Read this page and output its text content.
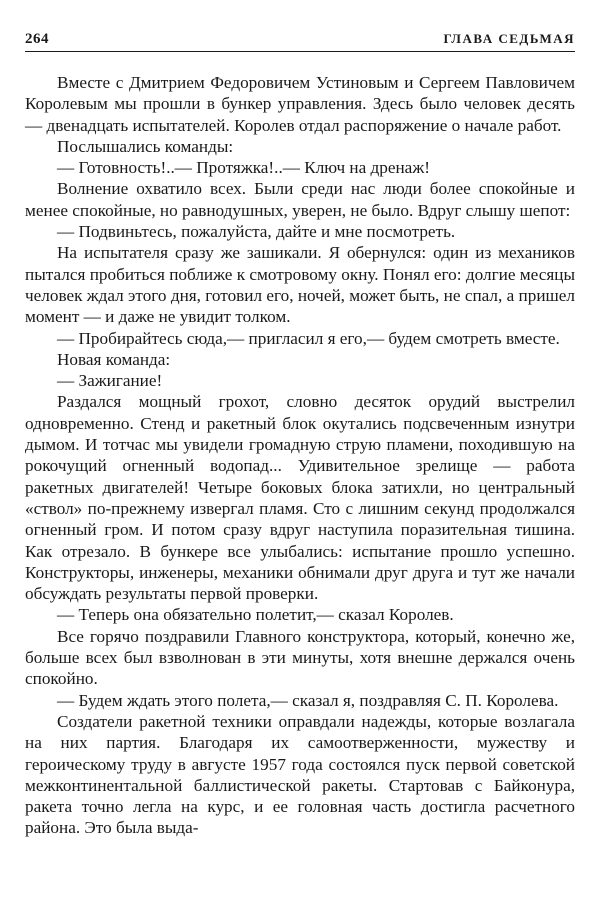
264	ГЛАВА СЕДЬМАЯ

Вместе с Дмитрием Федоровичем Устиновым и Сергеем Павловичем Королевым мы прошли в бункер управления. Здесь было человек десять — двенадцать испытателей. Королев отдал распоряжение о начале работ.

Послышались команды:

— Готовность!..— Протяжка!..— Ключ на дренаж!

Волнение охватило всех. Были среди нас люди более спокойные и менее спокойные, но равнодушных, уверен, не было. Вдруг слышу шепот:

— Подвиньтесь, пожалуйста, дайте и мне посмотреть.

На испытателя сразу же зашикали. Я обернулся: один из механиков пытался пробиться поближе к смотровому окну. Понял его: долгие месяцы человек ждал этого дня, готовил его, ночей, может быть, не спал, а пришел момент — и даже не увидит толком.

— Пробирайтесь сюда,— пригласил я его,— будем смотреть вместе.

Новая команда:

— Зажигание!

Раздался мощный грохот, словно десяток орудий выстрелил одновременно. Стенд и ракетный блок окутались подсвеченным изнутри дымом. И тотчас мы увидели громадную струю пламени, походившую на рокочущий огненный водопад... Удивительное зрелище — работа ракетных двигателей! Четыре боковых блока затихли, но центральный «ствол» по-прежнему извергал пламя. Сто с лишним секунд продолжался огненный гром. И потом сразу вдруг наступила поразительная тишина. Как отрезало. В бункере все улыбались: испытание прошло успешно. Конструкторы, инженеры, механики обнимали друг друга и тут же начали обсуждать результаты первой проверки.

— Теперь она обязательно полетит,— сказал Королев.

Все горячо поздравили Главного конструктора, который, конечно же, больше всех был взволнован в эти минуты, хотя внешне держался очень спокойно.

— Будем ждать этого полета,— сказал я, поздравляя С. П. Королева.

Создатели ракетной техники оправдали надежды, которые возлагала на них партия. Благодаря их самоотверженности, мужеству и героическому труду в августе 1957 года состоялся пуск первой советской межконтинентальной баллистической ракеты. Стартовав с Байконура, ракета точно легла на курс, и ее головная часть достигла расчетного района. Это была выда-
